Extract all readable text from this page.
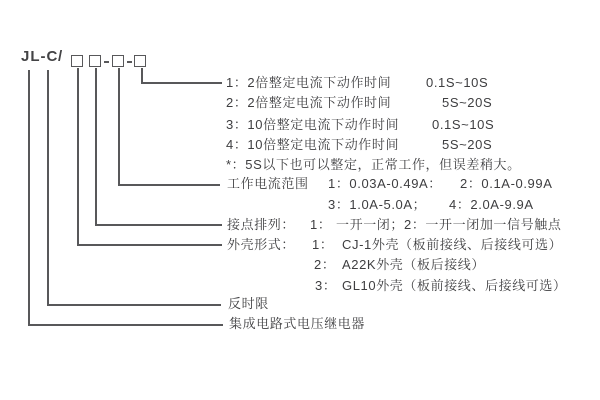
JL-C /
1：2倍整定电流下动作时间	0.1S~10S
2：2倍整定电流下动作时间	5S~20S
3：10倍整定电流下动作时间	0.1S~10S
4：10倍整定电流下动作时间	5S~20S
*：5S以下也可以整定，正常工作，但误差稍大。
工作电流范围 1：0.03A-0.49A： 2：0.1A-0.99A
3：1.0A-5.0A； 4：2.0A-9.9A
接点排列： 1： 一开一闭；2：一开一闭加一信号触点
外壳形式： 1： CJ-1外壳（板前接线、后接线可选）
2： A22K外壳（板后接线）
3： GL10外壳（板前接线、后接线可选）
反时限
集成电路式电压继电器
